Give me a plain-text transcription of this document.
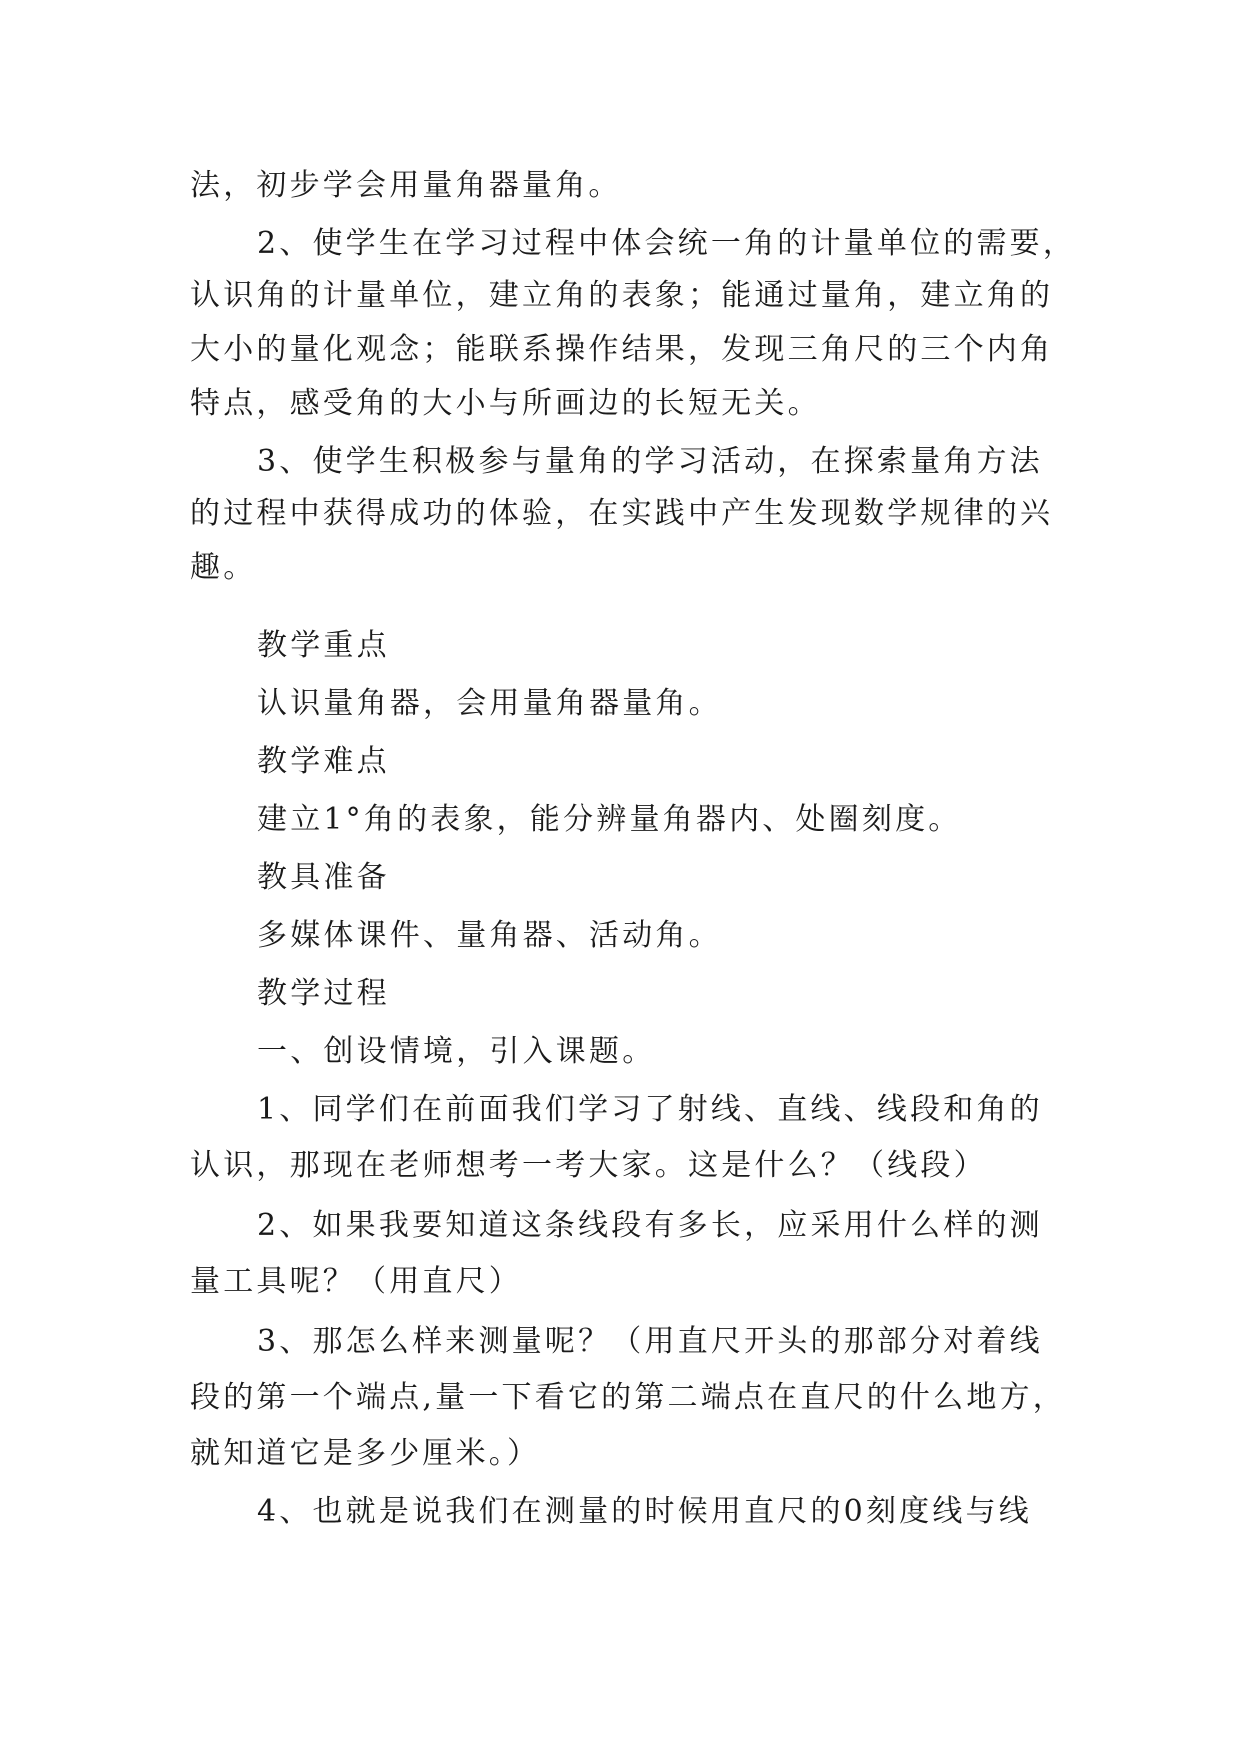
法，初步学会用量角器量角。
2、使学生在学习过程中体会统一角的计量单位的需要，
认识角的计量单位，建立角的表象；能通过量角，建立角的
大小的量化观念；能联系操作结果，发现三角尺的三个内角
特点，感受角的大小与所画边的长短无关。
3、使学生积极参与量角的学习活动，在探索量角方法
的过程中获得成功的体验，在实践中产生发现数学规律的兴
趣。
教学重点
认识量角器，会用量角器量角。
教学难点
建立1°角的表象，能分辨量角器内、处圈刻度。
教具准备
多媒体课件、量角器、活动角。
教学过程
一、创设情境，引入课题。
1、同学们在前面我们学习了射线、直线、线段和角的
认识，那现在老师想考一考大家。这是什么？（线段）
2、如果我要知道这条线段有多长，应采用什么样的测
量工具呢？（用直尺）
3、那怎么样来测量呢？（用直尺开头的那部分对着线
段的第一个端点,量一下看它的第二端点在直尺的什么地方，
就知道它是多少厘米。）
4、也就是说我们在测量的时候用直尺的0刻度线与线
